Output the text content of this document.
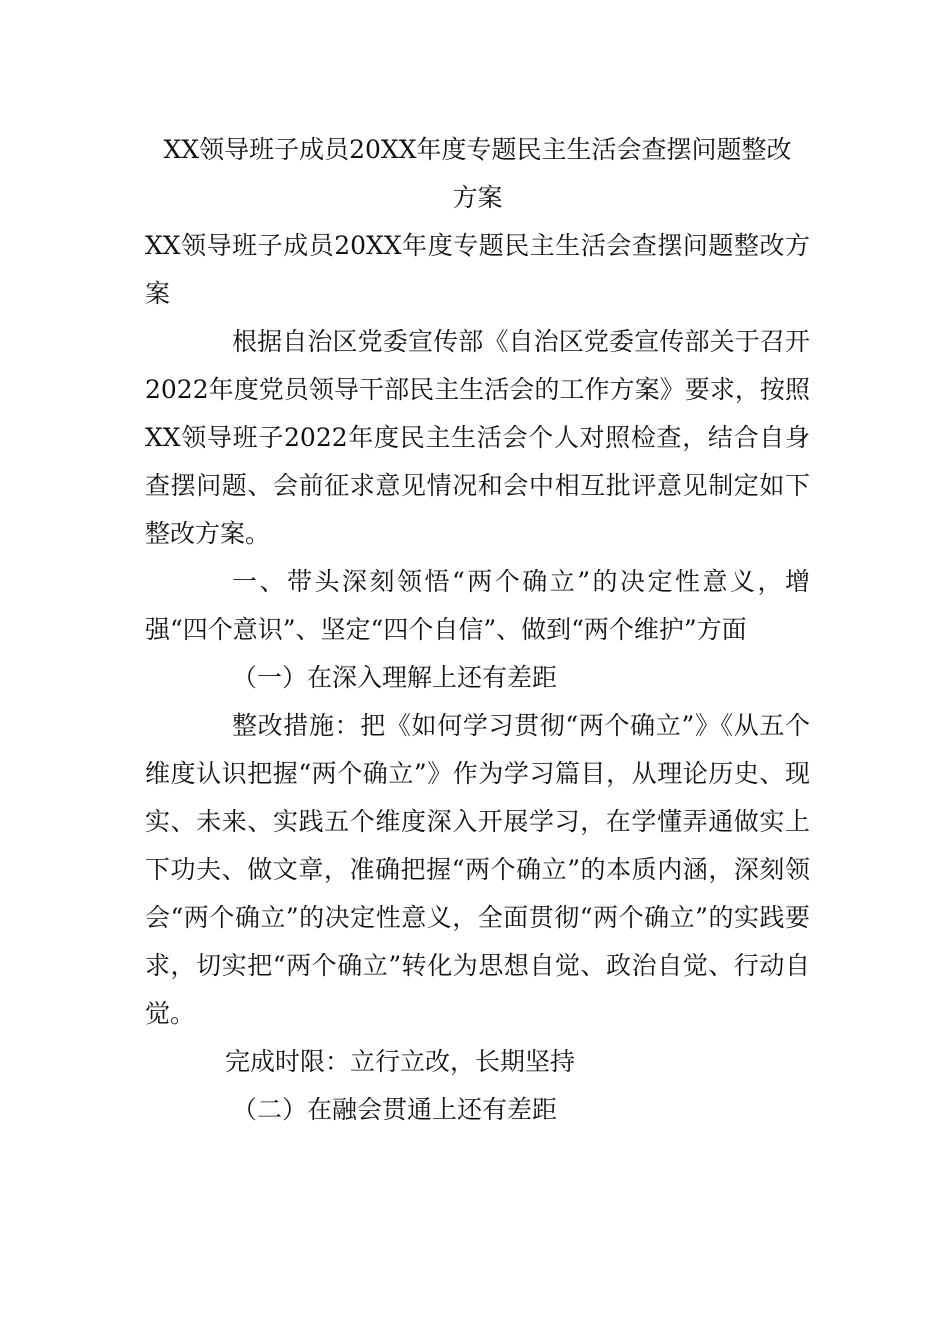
XX领导班子成员20XX年度专题民主生活会查摆问题整改
方案

XX领导班子成员20XX年度专题民主生活会查摆问题整改方案

根据自治区党委宣传部《自治区党委宣传部关于召开2022年度党员领导干部民主生活会的工作方案》要求，按照XX领导班子2022年度民主生活会个人对照检查，结合自身查摆问题、会前征求意见情况和会中相互批评意见制定如下整改方案。

一、带头深刻领悟“两个确立”的决定性意义，增强“四个意识”、坚定“四个自信”、做到“两个维护”方面

（一）在深入理解上还有差距

整改措施：把《如何学习贯彻“两个确立”》《从五个维度认识把握“两个确立”》作为学习篇目，从理论历史、现实、未来、实践五个维度深入开展学习，在学懂弄通做实上下功夫、做文章，准确把握“两个确立”的本质内涵，深刻领会“两个确立”的决定性意义，全面贯彻“两个确立”的实践要求，切实把“两个确立”转化为思想自觉、政治自觉、行动自觉。

完成时限：立行立改，长期坚持

（二）在融会贯通上还有差距
